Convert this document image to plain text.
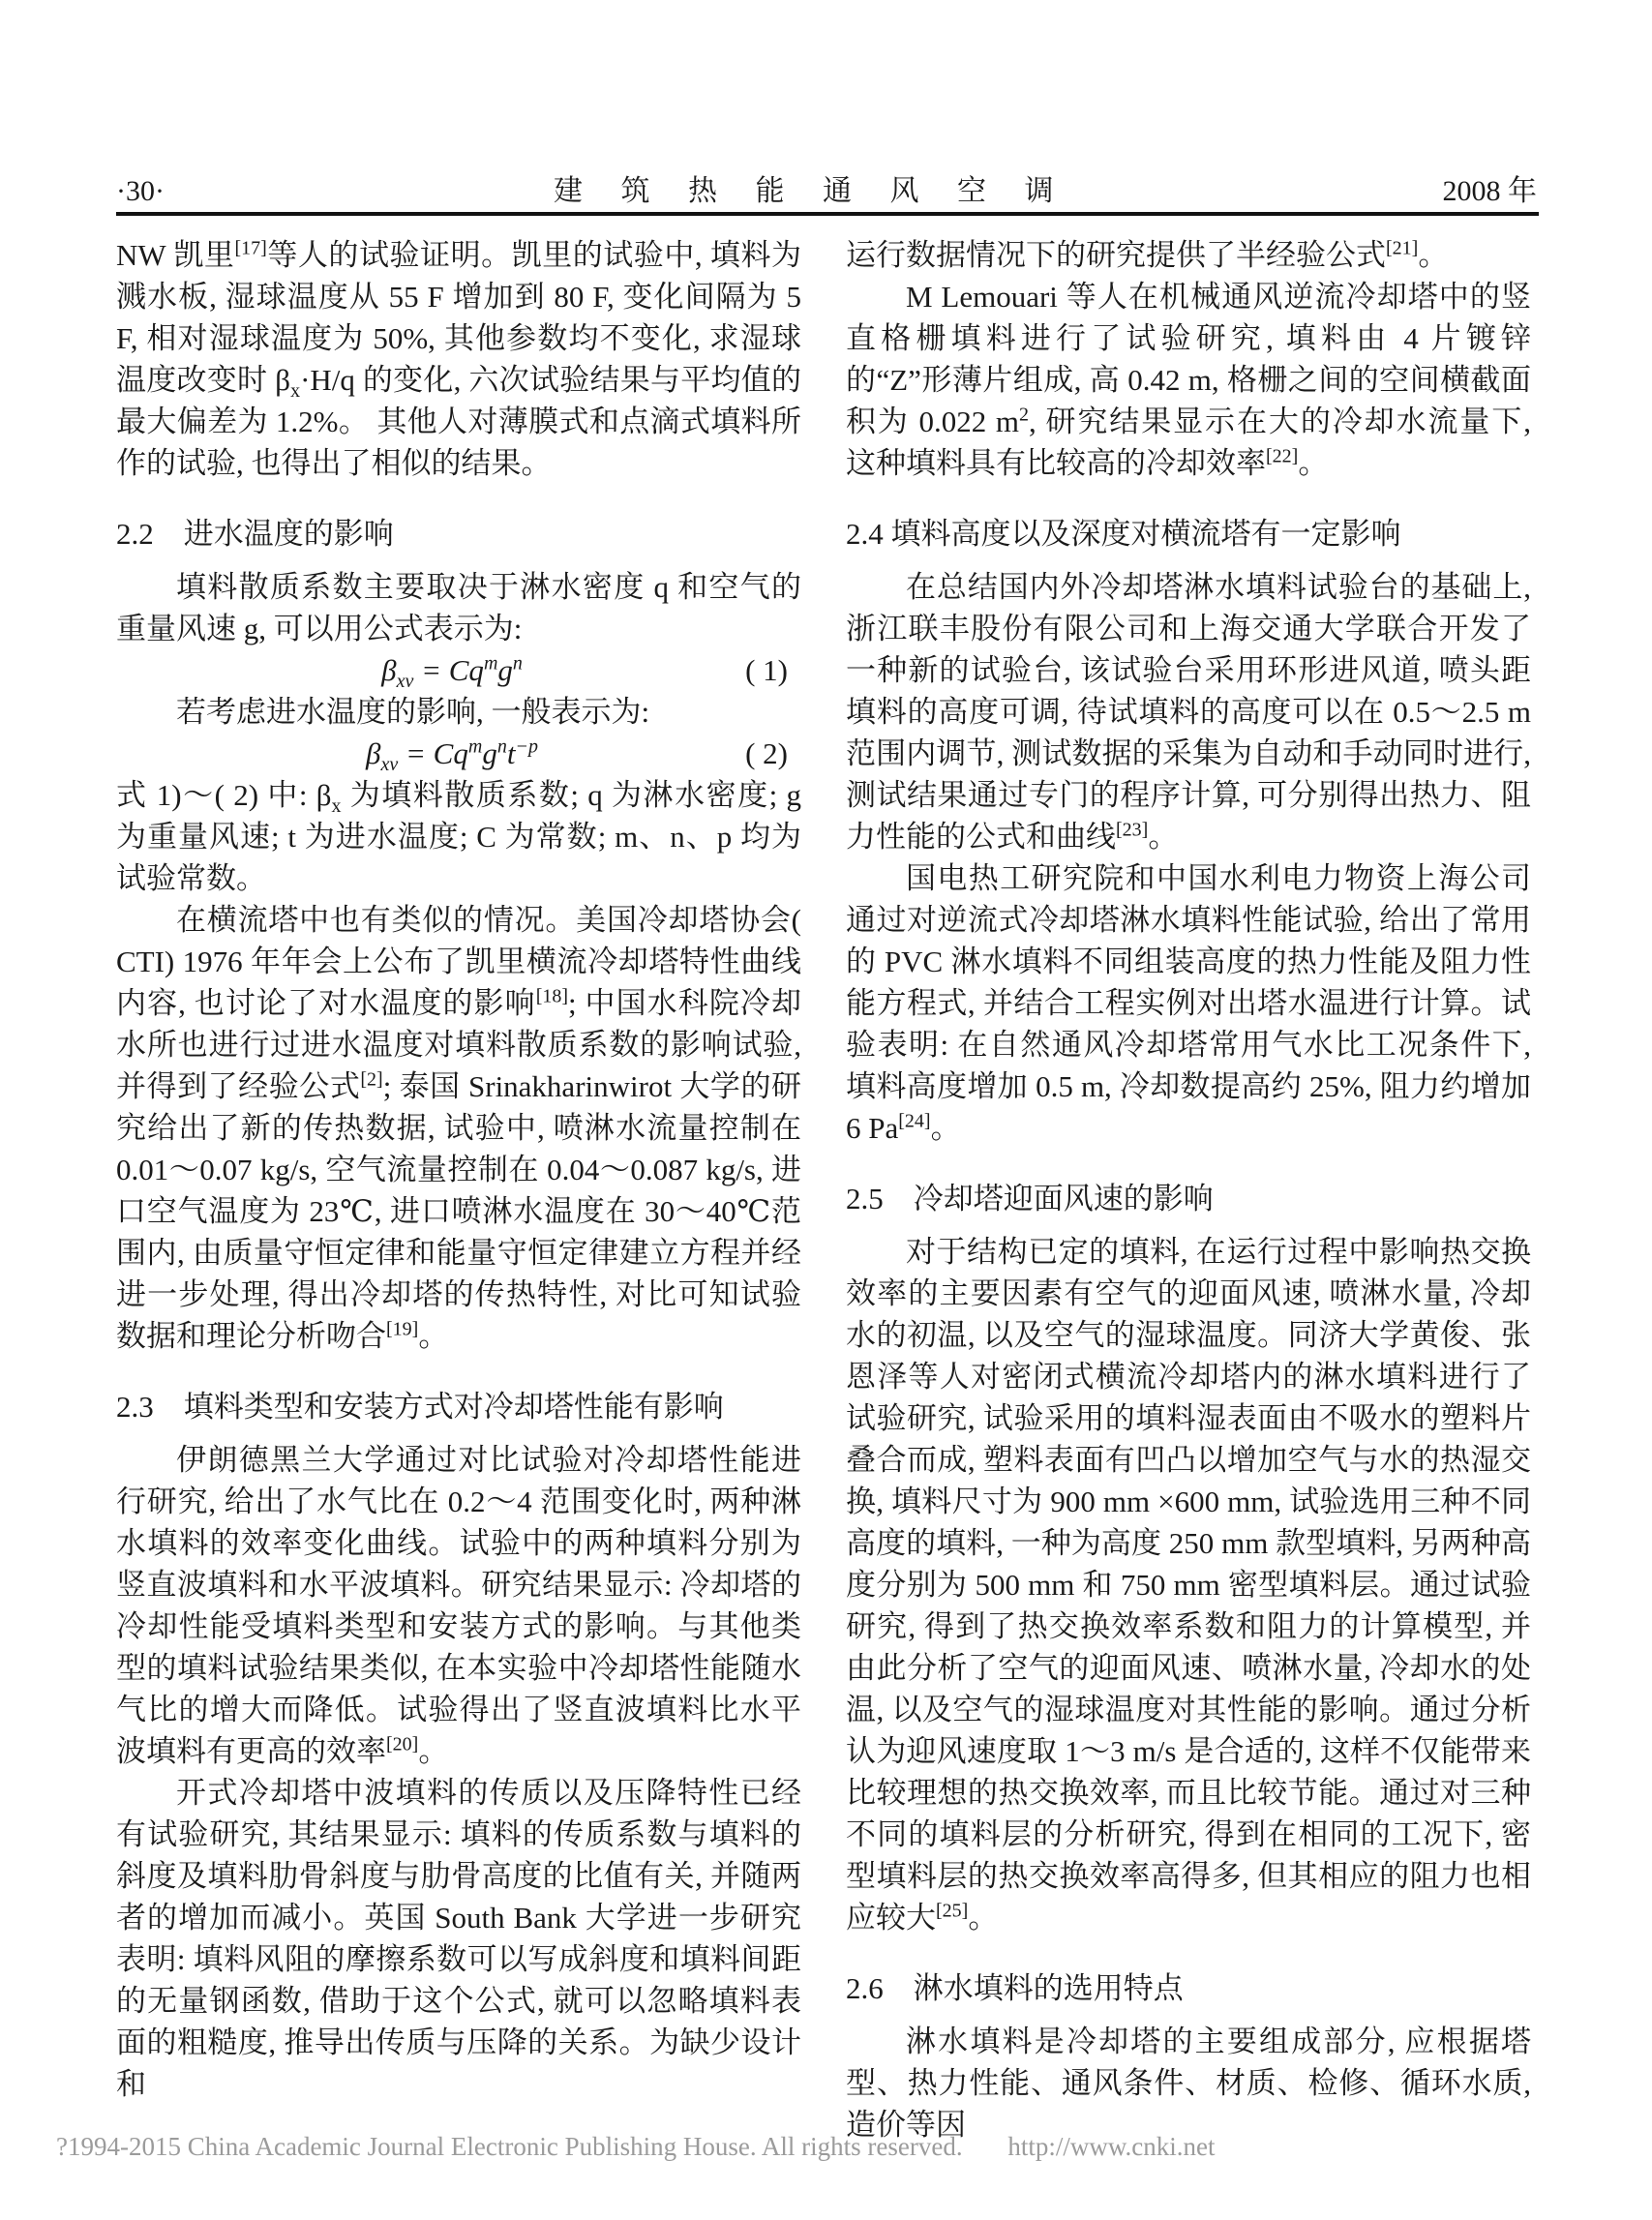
·30·	建 筑 热 能 通 风 空 调	2008 年

NW 凯里[17]等人的试验证明。凯里的试验中, 填料为溅水板, 湿球温度从 55 F 增加到 80 F, 变化间隔为 5 F, 相对湿球温度为 50%, 其他参数均不变化, 求湿球温度改变时 $\beta_x\cdot H/q$ 的变化, 六次试验结果与平均值的最大偏差为 1.2%。 其他人对薄膜式和点滴式填料所作的试验, 也得出了相似的结果。

2.2　进水温度的影响

填料散质系数主要取决于淋水密度 q 和空气的重量风速 g, 可以用公式表示为:

$\beta_{xv} = Cq^mg^n$	( 1)

若考虑进水温度的影响, 一般表示为:

$\beta_{xv} = Cq^mg^nt^{-p}$	( 2)

式 1)～( 2) 中: $\beta_x$ 为填料散质系数; q 为淋水密度; g 为重量风速; t 为进水温度; C 为常数; m、n、p 均为试验常数。

在横流塔中也有类似的情况。美国冷却塔协会( CTI) 1976 年年会上公布了凯里横流冷却塔特性曲线内容, 也讨论了对水温度的影响[18]; 中国水科院冷却水所也进行过进水温度对填料散质系数的影响试验, 并得到了经验公式[2]; 泰国 Srinakharinwirot 大学的研究给出了新的传热数据, 试验中, 喷淋水流量控制在 0.01～0.07 kg/s, 空气流量控制在 0.04～0.087 kg/s, 进口空气温度为 23℃, 进口喷淋水温度在 30～40℃范围内, 由质量守恒定律和能量守恒定律建立方程并经进一步处理, 得出冷却塔的传热特性, 对比可知试验数据和理论分析吻合[19]。

2.3　填料类型和安装方式对冷却塔性能有影响

伊朗德黑兰大学通过对比试验对冷却塔性能进行研究, 给出了水气比在 0.2～4 范围变化时, 两种淋水填料的效率变化曲线。试验中的两种填料分别为竖直波填料和水平波填料。研究结果显示: 冷却塔的冷却性能受填料类型和安装方式的影响。与其他类型的填料试验结果类似, 在本实验中冷却塔性能随水气比的增大而降低。试验得出了竖直波填料比水平波填料有更高的效率[20]。

开式冷却塔中波填料的传质以及压降特性已经有试验研究, 其结果显示: 填料的传质系数与填料的斜度及填料肋骨斜度与肋骨高度的比值有关, 并随两者的增加而减小。英国 South Bank 大学进一步研究表明: 填料风阻的摩擦系数可以写成斜度和填料间距的无量钢函数, 借助于这个公式, 就可以忽略填料表面的粗糙度, 推导出传质与压降的关系。为缺少设计和

运行数据情况下的研究提供了半经验公式[21]。

M Lemouari 等人在机械通风逆流冷却塔中的竖直格栅填料进行了试验研究, 填料由 4 片镀锌的“Z”形薄片组成, 高 0.42 m, 格栅之间的空间横截面积为 0.022 $m^2$, 研究结果显示在大的冷却水流量下, 这种填料具有比较高的冷却效率[22]。

2.4 填料高度以及深度对横流塔有一定影响

在总结国内外冷却塔淋水填料试验台的基础上, 浙江联丰股份有限公司和上海交通大学联合开发了一种新的试验台, 该试验台采用环形进风道, 喷头距填料的高度可调, 待试填料的高度可以在 0.5～2.5 m 范围内调节, 测试数据的采集为自动和手动同时进行, 测试结果通过专门的程序计算, 可分别得出热力、阻力性能的公式和曲线[23]。

国电热工研究院和中国水利电力物资上海公司通过对逆流式冷却塔淋水填料性能试验, 给出了常用的 PVC 淋水填料不同组装高度的热力性能及阻力性能方程式, 并结合工程实例对出塔水温进行计算。试验表明: 在自然通风冷却塔常用气水比工况条件下, 填料高度增加 0.5 m, 冷却数提高约 25%, 阻力约增加 6 Pa[24]。

2.5　冷却塔迎面风速的影响

对于结构已定的填料, 在运行过程中影响热交换效率的主要因素有空气的迎面风速, 喷淋水量, 冷却水的初温, 以及空气的湿球温度。同济大学黄俊、张恩泽等人对密闭式横流冷却塔内的淋水填料进行了试验研究, 试验采用的填料湿表面由不吸水的塑料片叠合而成, 塑料表面有凹凸以增加空气与水的热湿交换, 填料尺寸为 900 mm ×600 mm, 试验选用三种不同高度的填料, 一种为高度 250 mm 款型填料, 另两种高度分别为 500 mm 和 750 mm 密型填料层。通过试验研究, 得到了热交换效率系数和阻力的计算模型, 并由此分析了空气的迎面风速、喷淋水量, 冷却水的处温, 以及空气的湿球温度对其性能的影响。通过分析认为迎风速度取 1～3 m/s 是合适的, 这样不仅能带来比较理想的热交换效率, 而且比较节能。通过对三种不同的填料层的分析研究, 得到在相同的工况下, 密型填料层的热交换效率高得多, 但其相应的阻力也相应较大[25]。

2.6　淋水填料的选用特点

淋水填料是冷却塔的主要组成部分, 应根据塔型、热力性能、通风条件、材质、检修、循环水质, 造价等因

?1994-2015 China Academic Journal Electronic Publishing House. All rights reserved. http://www.cnki.net
